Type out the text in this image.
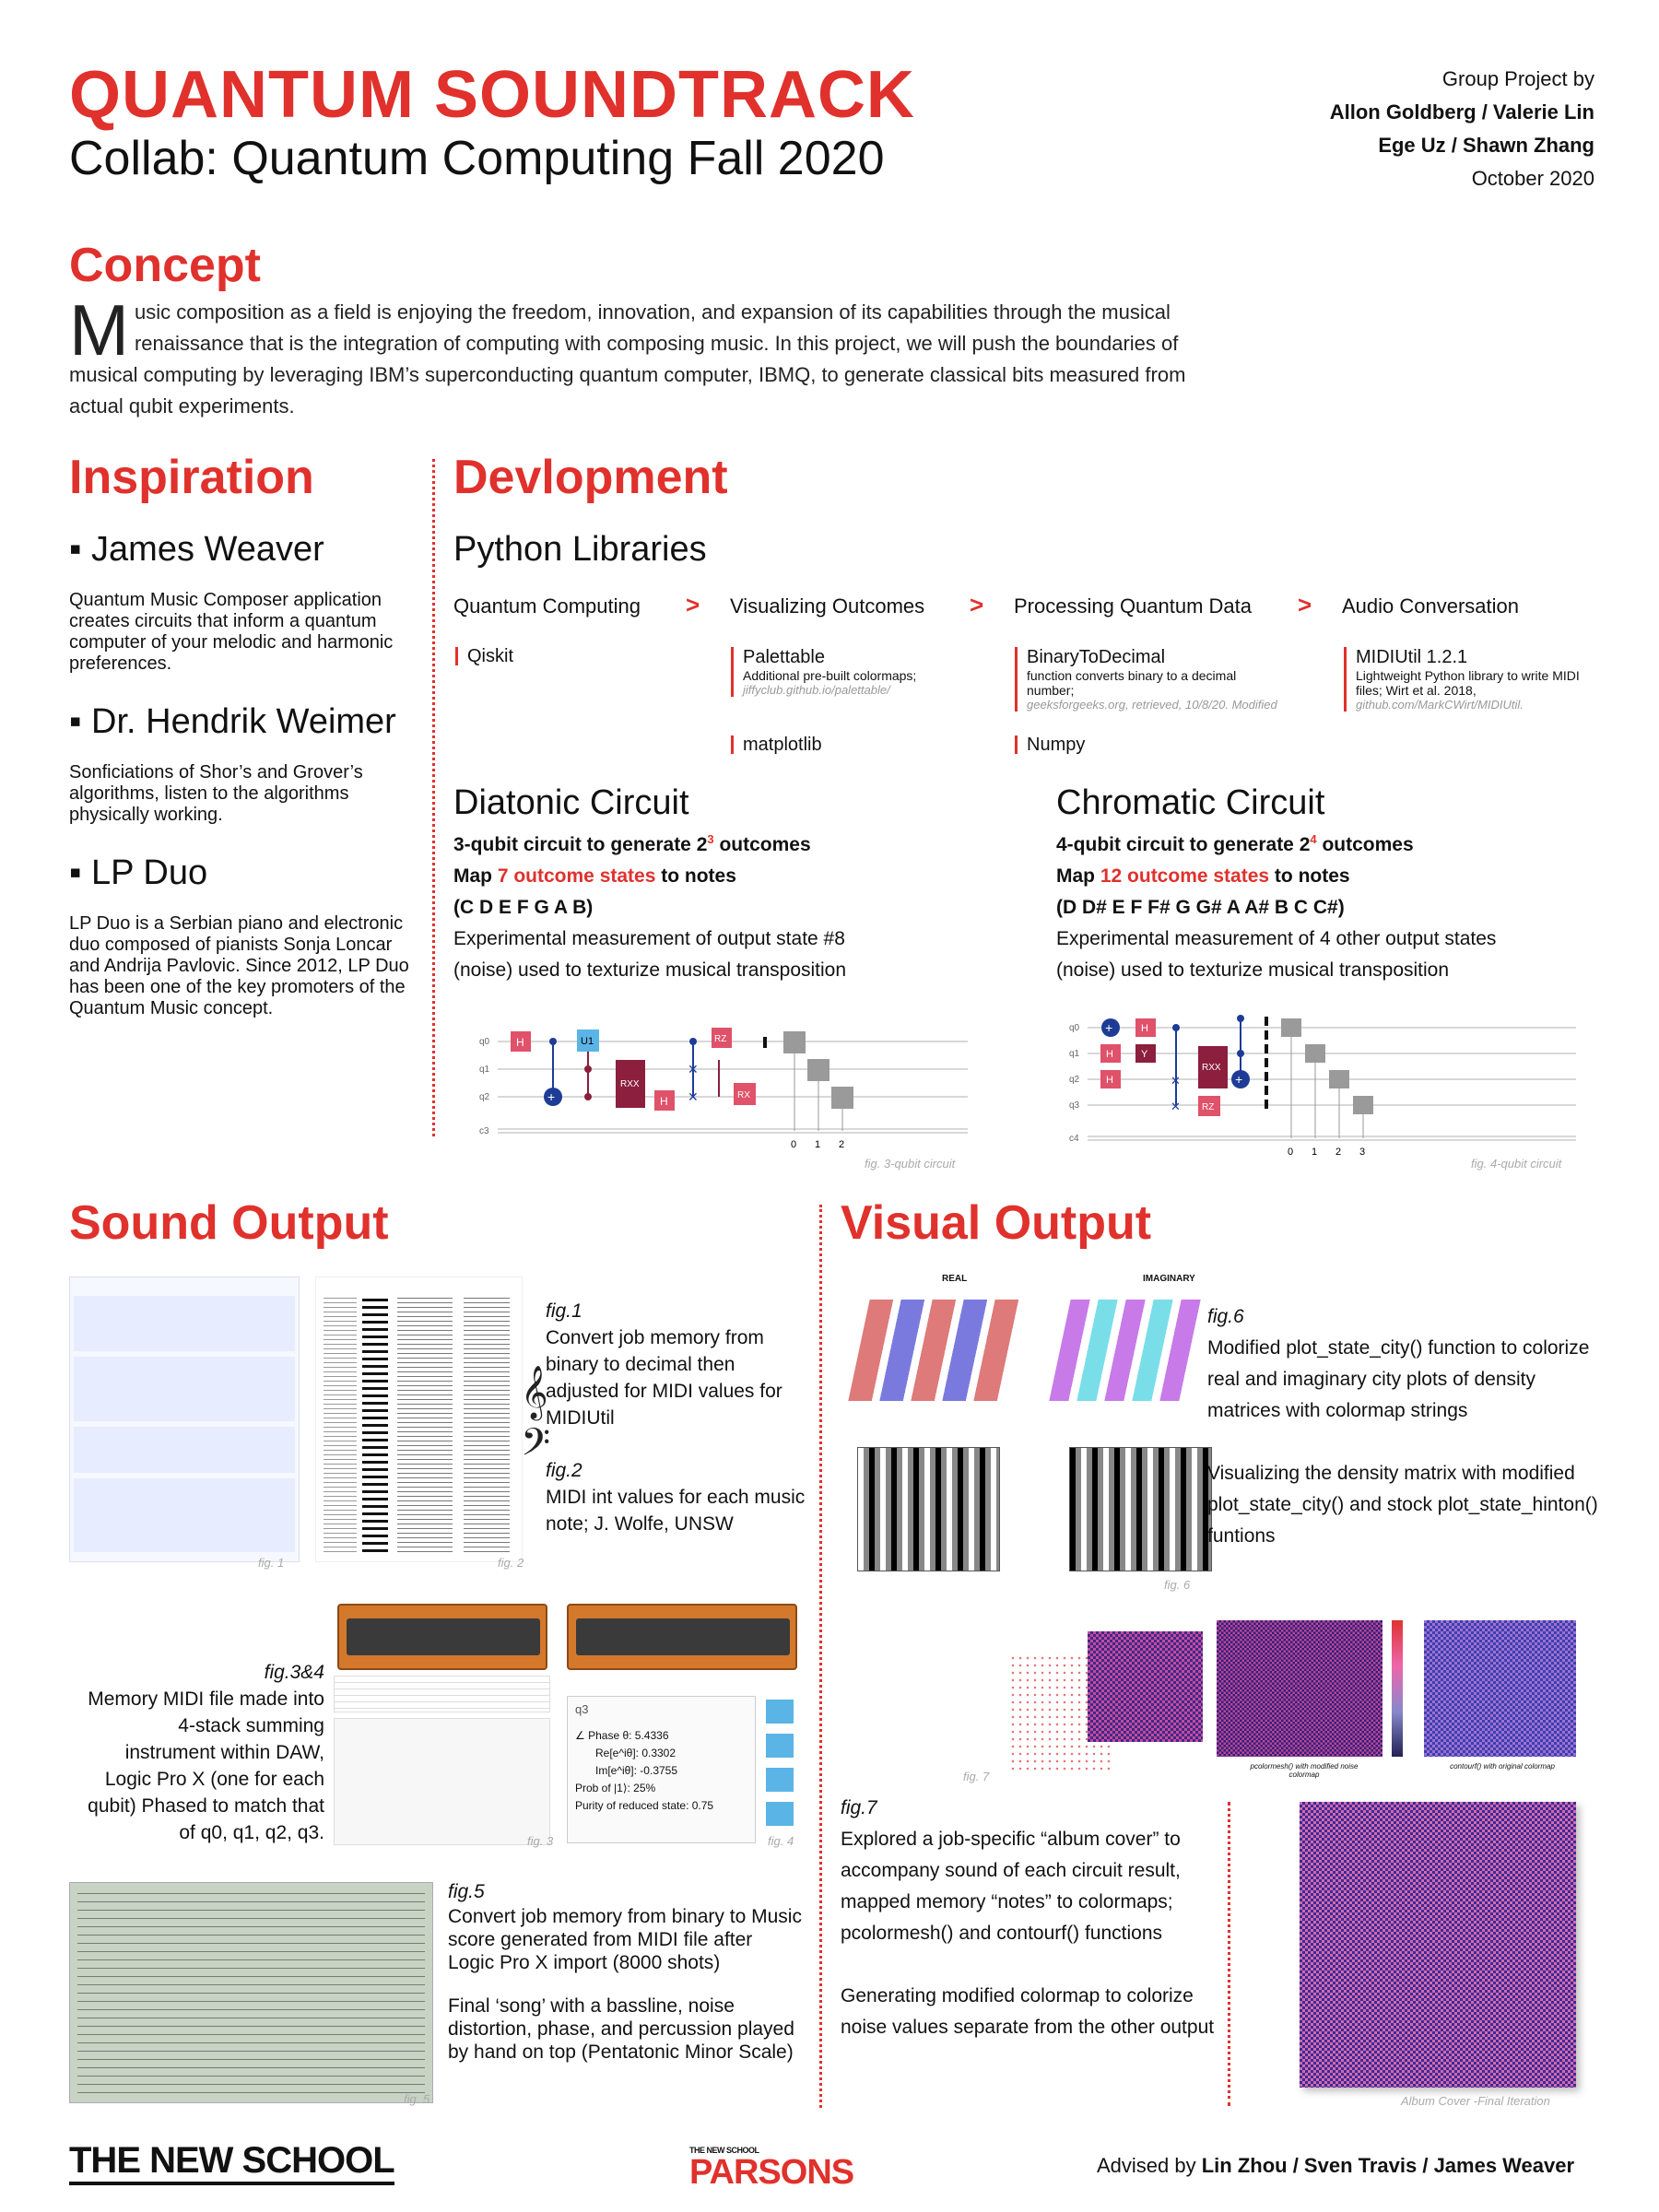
QUANTUM SOUNDTRACK
Collab: Quantum Computing Fall 2020
Group Project by
Allon Goldberg / Valerie Lin
Ege Uz / Shawn Zhang
October 2020
Concept
M usic composition as a field is enjoying the freedom, innovation, and expansion of its capabilities through the musical renaissance that is the integration of computing with composing music. In this project, we will push the boundaries of musical computing by leveraging IBM’s superconducting quantum computer, IBMQ, to generate classical bits measured from actual qubit experiments.
Inspiration
▪ James Weaver
Quantum Music Composer application creates circuits that inform a quantum computer of your melodic and harmonic preferences.
▪ Dr. Hendrik Weimer
Sonficiations of Shor’s and Grover’s algorithms, listen to the algorithms physically working.
▪ LP Duo
LP Duo is a Serbian piano and electronic duo composed of pianists Sonja Loncar and Andrija Pavlovic. Since 2012, LP Duo has been one of the key promoters of the Quantum Music concept.
Devlopment
Python Libraries
Quantum Computing > Visualizing Outcomes > Processing Quantum Data > Audio Conversation
Qiskit	Palettable
Additional pre-built colormaps;
jiffyclub.github.io/palettable/
matplotlib
BinaryToDecimal
function converts binary to a decimal number;
geeksforgeeks.org, retrieved, 10/8/20. Modified
Numpy
MIDIUtil 1.2.1
Lightweight Python library to write MIDI files; Wirt et al. 2018,
github.com/MarkCWirt/MIDIUtil.
Diatonic Circuit
3-qubit circuit to generate $2^3$ outcomes
Map 7 outcome states to notes
(C D E F G A B)
Experimental measurement of output state #8
(noise) used to texturize musical transposition
q0
q1
q2
c3
H
+
U1
RXX
H
✕
✕
RZ
RX
0 1 2
fig. 3-qubit circuit
Chromatic Circuit
4-qubit circuit to generate $2^4$ outcomes
Map 12 outcome states to notes
(D D# E F F# G G# A A# B C C#)
Experimental measurement of 4 other output states
(noise) used to texturize musical transposition
q0
q1
q2
q3
c4
+
H
H
H
Y
✕
✕
RXX
RZ
+
0 1 2 3
fig. 4-qubit circuit
Sound Output
fig. 1
𝄞
𝄢
fig. 2
fig.1
Convert job memory from binary to decimal then adjusted for MIDI values for MIDIUtil
fig.2
MIDI int values for each music note; J. Wolfe, UNSW
fig.3&4
Memory MIDI file made into 4-stack summing instrument within DAW, Logic Pro X (one for each qubit) Phased to match that of q0, q1, q2, q3.	fig. 3
q3
∠ Phase θ: 5.4336
Re[e^iθ]: 0.3302
Im[e^iθ]: -0.3755
Prob of |1⟩: 25%
Purity of reduced state: 0.75
fig. 4
fig. 5
fig.5
Convert job memory from binary to Music score generated from MIDI file after Logic Pro X import (8000 shots)
Final ‘song’ with a bassline, noise distortion, phase, and percussion played by hand on top (Pentatonic Minor Scale)
Visual Output
REAL	IMAGINARY
fig. 6
fig.6
Modified plot_state_city() function to colorize real and imaginary city plots of density matrices with colormap strings
Visualizing the density matrix with modified plot_state_city() and stock plot_state_hinton() funtions
fig. 7
pcolormesh() with modified noise colormap
contourf() with original colormap
fig.7
Explored a job-specific “album cover” to accompany sound of each circuit result, mapped memory “notes” to colormaps; pcolormesh() and contourf() functions
Generating modified colormap to colorize noise values separate from the other output
Album Cover -Final Iteration
THE NEW SCHOOL	THE NEW SCHOOL
PARSONS	Advised by Lin Zhou / Sven Travis / James Weaver
